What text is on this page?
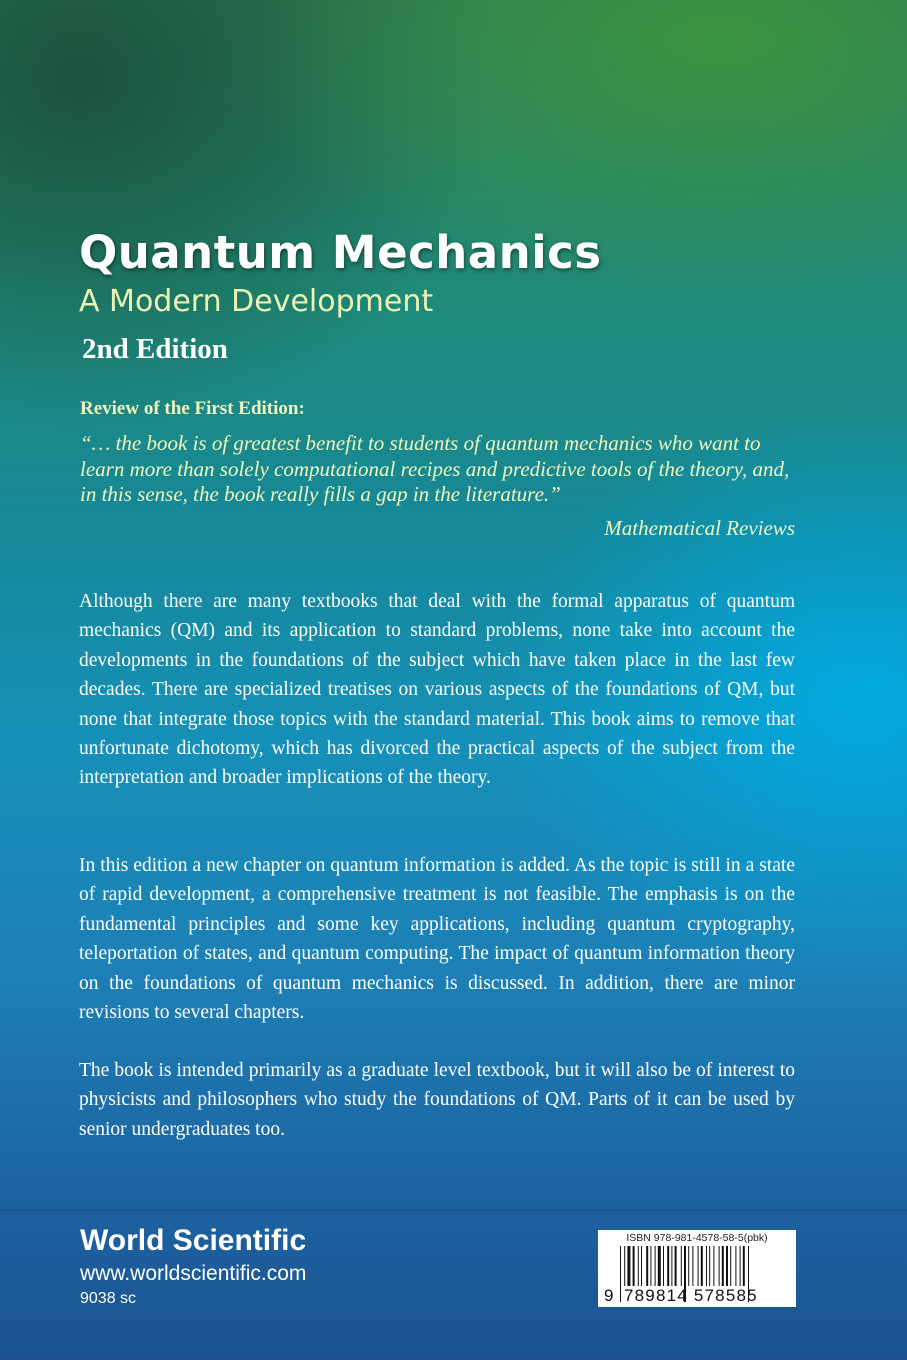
Quantum Mechanics
A Modern Development
2nd Edition
Review of the First Edition:

“… the book is of greatest benefit to students of quantum mechanics who want to learn more than solely computational recipes and predictive tools of the theory, and, in this sense, the book really fills a gap in the literature.”

Mathematical Reviews

Although there are many textbooks that deal with the formal apparatus of quantum mechanics (QM) and its application to standard problems, none take into account the developments in the foundations of the subject which have taken place in the last few decades. There are specialized treatises on various aspects of the foundations of QM, but none that integrate those topics with the standard material. This book aims to remove that unfortunate dichotomy, which has divorced the practical aspects of the subject from the interpretation and broader implications of the theory.

In this edition a new chapter on quantum information is added. As the topic is still in a state of rapid development, a comprehensive treatment is not feasible. The emphasis is on the fundamental principles and some key applications, including quantum cryptography, teleportation of states, and quantum computing. The impact of quantum information theory on the foundations of quantum mechanics is discussed. In addition, there are minor revisions to several chapters.

The book is intended primarily as a graduate level textbook, but it will also be of interest to physicists and philosophers who study the foundations of QM. Parts of it can be used by senior undergraduates too.

World Scientific
www.worldscientific.com
9038 sc
ISBN 978-981-4578-58-5(pbk)
9 789814 578585
